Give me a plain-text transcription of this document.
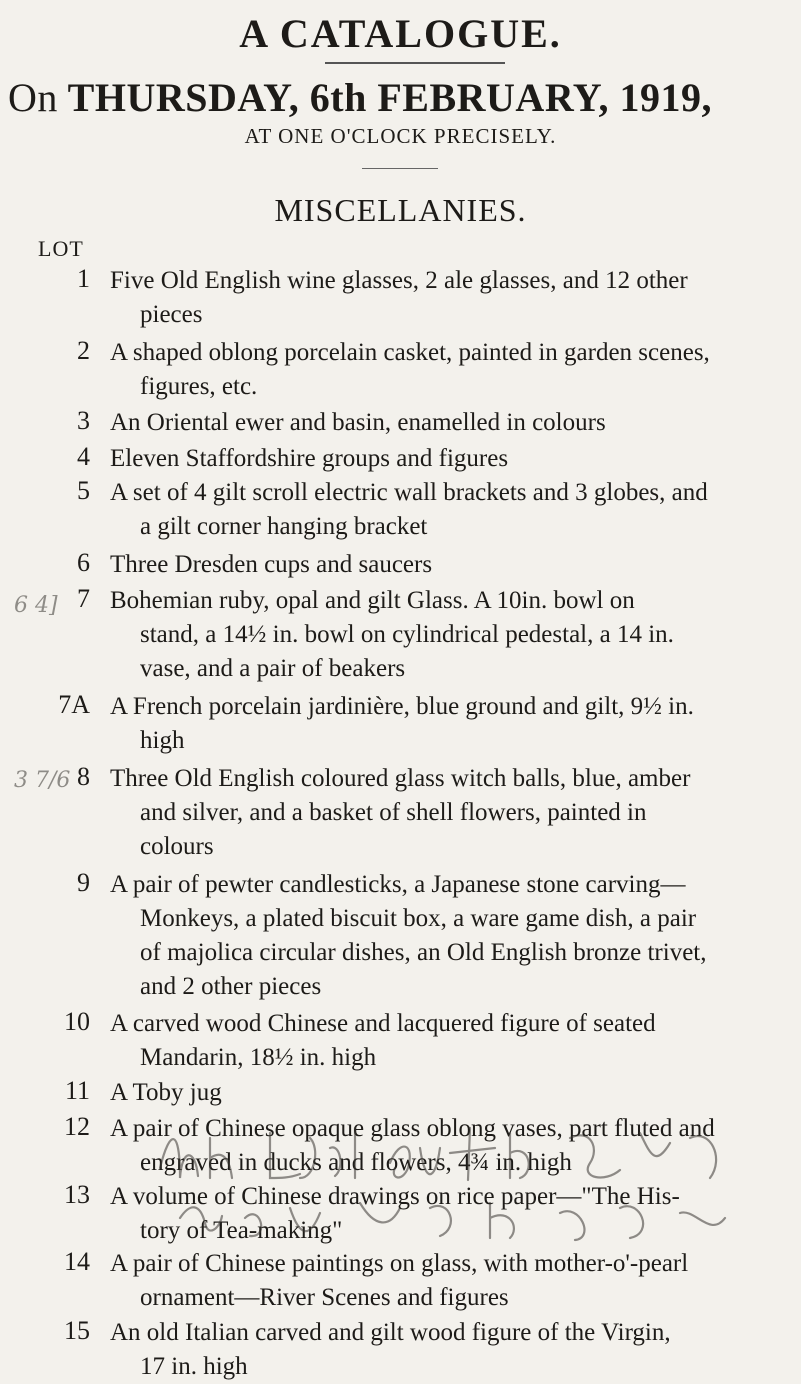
A CATALOGUE.
On THURSDAY, 6th FEBRUARY, 1919,
AT ONE O'CLOCK PRECISELY.
MISCELLANIES.
LOT
1 Five Old English wine glasses, 2 ale glasses, and 12 other
pieces
2 A shaped oblong porcelain casket, painted in garden scenes,
figures, etc.
3 An Oriental ewer and basin, enamelled in colours
4 Eleven Staffordshire groups and figures
5 A set of 4 gilt scroll electric wall brackets and 3 globes, and
a gilt corner hanging bracket
6 Three Dresden cups and saucers
7 Bohemian ruby, opal and gilt Glass. A 10in. bowl on
stand, a 14½ in. bowl on cylindrical pedestal, a 14 in.
vase, and a pair of beakers
7A A French porcelain jardinière, blue ground and gilt, 9½ in.
high
8 Three Old English coloured glass witch balls, blue, amber
and silver, and a basket of shell flowers, painted in
colours
9 A pair of pewter candlesticks, a Japanese stone carving—
Monkeys, a plated biscuit box, a ware game dish, a pair
of majolica circular dishes, an Old English bronze trivet,
and 2 other pieces
10 A carved wood Chinese and lacquered figure of seated
Mandarin, 18½ in. high
11 A Toby jug
12 A pair of Chinese opaque glass oblong vases, part fluted and
engraved in ducks and flowers, 4¾ in. high
13 A volume of Chinese drawings on rice paper—"The His-
tory of Tea-making"
14 A pair of Chinese paintings on glass, with mother-o'-pearl
ornament—River Scenes and figures
15 An old Italian carved and gilt wood figure of the Virgin,
17 in. high
6 4]
3 7/6
